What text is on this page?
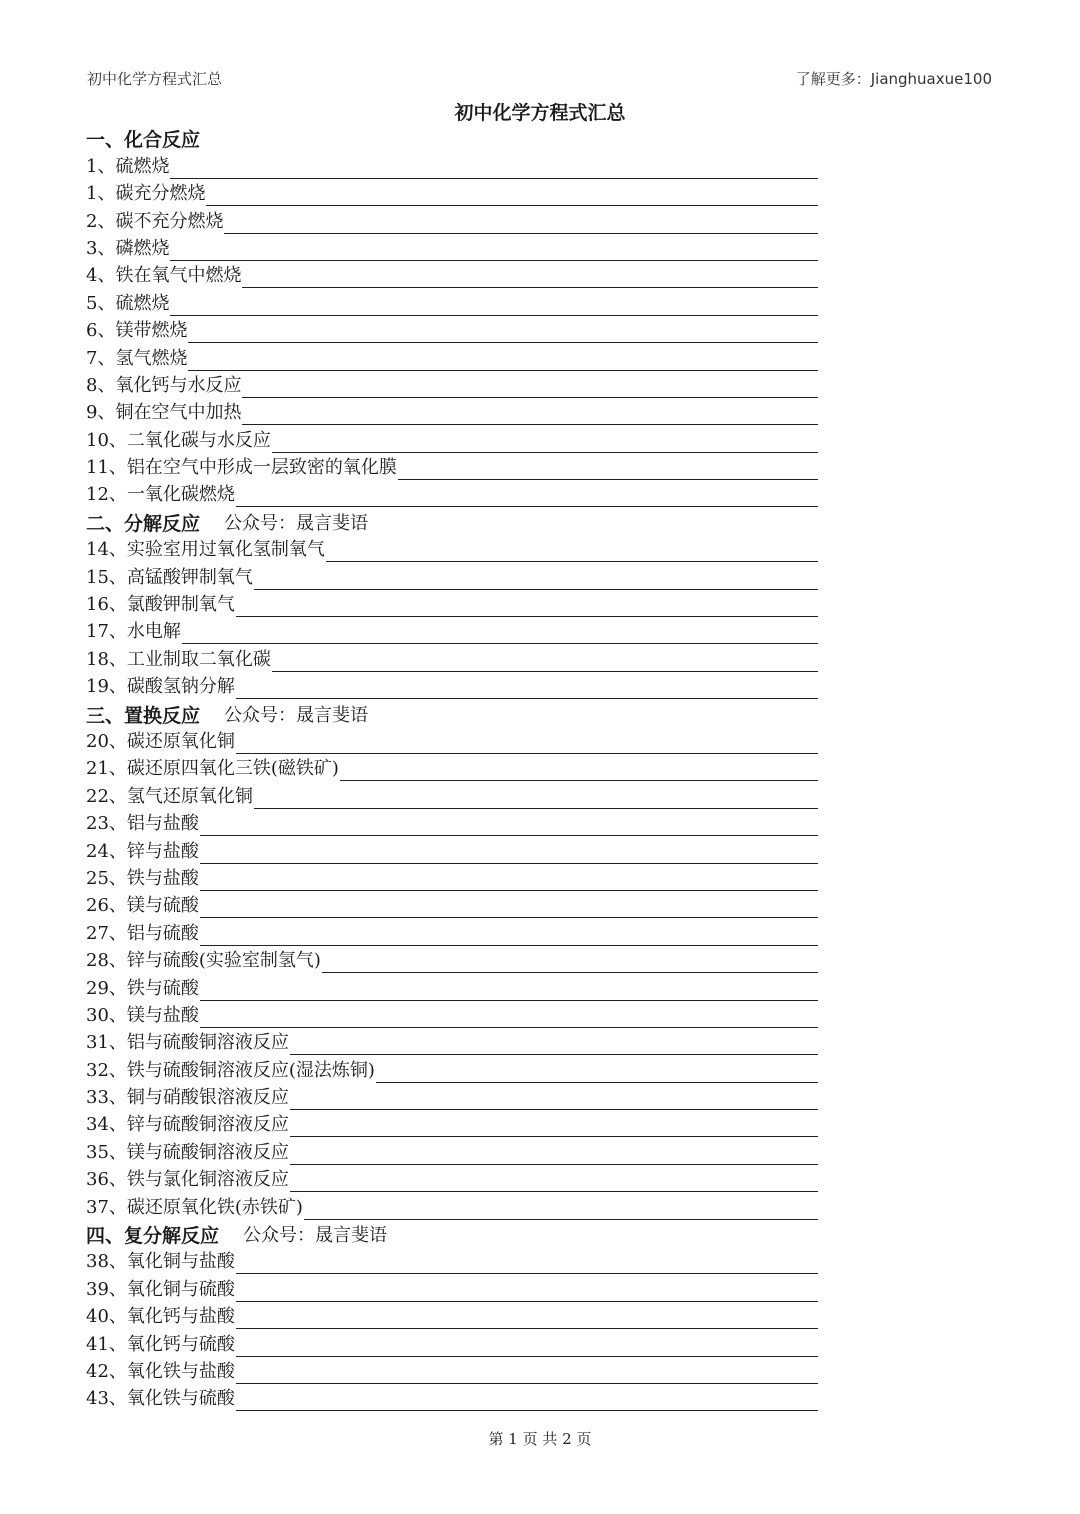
初中化学方程式汇总	了解更多：Jianghuaxue100
初中化学方程式汇总
一、化合反应
1、硫燃烧
1、碳充分燃烧
2、碳不充分燃烧
3、磷燃烧
4、铁在氧气中燃烧
5、硫燃烧
6、镁带燃烧
7、氢气燃烧
8、氧化钙与水反应
9、铜在空气中加热
10、二氧化碳与水反应
11、铝在空气中形成一层致密的氧化膜
12、一氧化碳燃烧
二、分解反应 公众号：晟言斐语
14、实验室用过氧化氢制氧气
15、高锰酸钾制氧气
16、氯酸钾制氧气
17、水电解
18、工业制取二氧化碳
19、碳酸氢钠分解
三、置换反应 公众号：晟言斐语
20、碳还原氧化铜
21、碳还原四氧化三铁(磁铁矿)
22、氢气还原氧化铜
23、铝与盐酸
24、锌与盐酸
25、铁与盐酸
26、镁与硫酸
27、铝与硫酸
28、锌与硫酸(实验室制氢气)
29、铁与硫酸
30、镁与盐酸
31、铝与硫酸铜溶液反应
32、铁与硫酸铜溶液反应(湿法炼铜)
33、铜与硝酸银溶液反应
34、锌与硫酸铜溶液反应
35、镁与硫酸铜溶液反应
36、铁与氯化铜溶液反应
37、碳还原氧化铁(赤铁矿)
四、复分解反应 公众号：晟言斐语
38、氧化铜与盐酸
39、氧化铜与硫酸
40、氧化钙与盐酸
41、氧化钙与硫酸
42、氧化铁与盐酸
43、氧化铁与硫酸
第 1 页 共 2 页
